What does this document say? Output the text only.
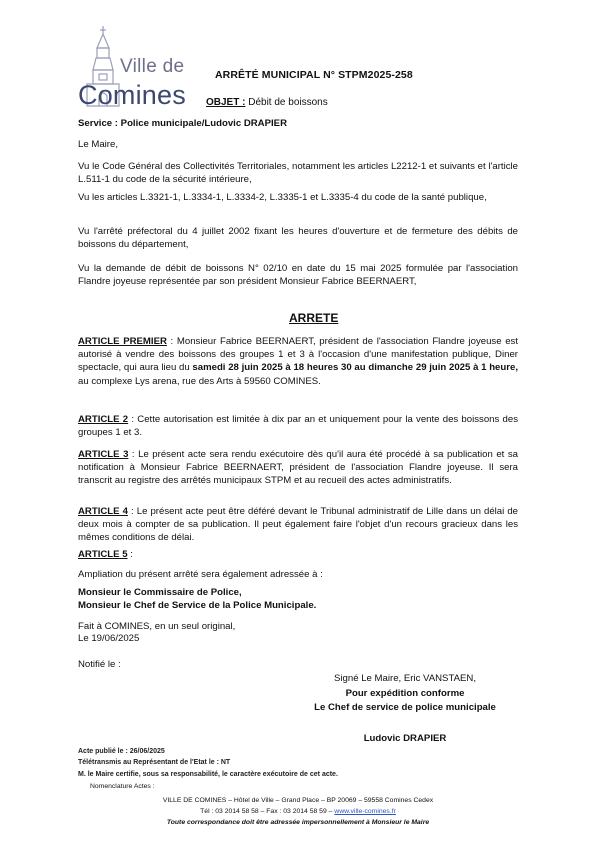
Ville de
Comines
ARRÊTÉ MUNICIPAL N° STPM2025-258
OBJET : Débit de boissons
Service : Police municipale/Ludovic DRAPIER
Le Maire,
Vu le Code Général des Collectivités Territoriales, notamment les articles L2212-1 et suivants et l'article L.511-1 du code de la sécurité intérieure,
Vu les articles L.3321-1, L.3334-1, L.3334-2, L.3335-1 et L.3335-4 du code de la santé publique,
Vu l'arrêté préfectoral du 4 juillet 2002 fixant les heures d'ouverture et de fermeture des débits de boissons du département,
Vu la demande de débit de boissons N° 02/10 en date du 15 mai 2025 formulée par l'association Flandre joyeuse représentée par son président Monsieur Fabrice BEERNAERT,
ARRETE
ARTICLE PREMIER : Monsieur Fabrice BEERNAERT, président de l'association Flandre joyeuse est autorisé à vendre des boissons des groupes 1 et 3 à l'occasion d'une manifestation publique, Diner spectacle, qui aura lieu du samedi 28 juin 2025 à 18 heures 30 au dimanche 29 juin 2025 à 1 heure, au complexe Lys arena, rue des Arts à 59560 COMINES.
ARTICLE 2 : Cette autorisation est limitée à dix par an et uniquement pour la vente des boissons des groupes 1 et 3.
ARTICLE 3 : Le présent acte sera rendu exécutoire dès qu'il aura été procédé à sa publication et sa notification à Monsieur Fabrice BEERNAERT, président de l'association Flandre joyeuse. Il sera transcrit au registre des arrêtés municipaux STPM et au recueil des actes administratifs.
ARTICLE 4 : Le présent acte peut être déféré devant le Tribunal administratif de Lille dans un délai de deux mois à compter de sa publication. Il peut également faire l'objet d'un recours gracieux dans les mêmes conditions de délai.
ARTICLE 5 :
Ampliation du présent arrêté sera également adressée à :
Monsieur le Commissaire de Police,
Monsieur le Chef de Service de la Police Municipale.
Fait à COMINES, en un seul original,
Le 19/06/2025
Notifié le :
Signé Le Maire, Eric VANSTAEN,
Pour expédition conforme
Le Chef de service de police municipale
Ludovic DRAPIER
Acte publié le : 26/06/2025
Télétransmis au Représentant de l'Etat le : NT
M. le Maire certifie, sous sa responsabilité, le caractère exécutoire de cet acte.
Nomenclature Actes :
VILLE DE COMINES – Hôtel de Ville – Grand Place – BP 20069 – 59558 Comines Cedex
Tél : 03 2014 58 58 – Fax : 03 2014 58 59 – www.ville-comines.fr
Toute correspondance doit être adressée impersonnellement à Monsieur le Maire
